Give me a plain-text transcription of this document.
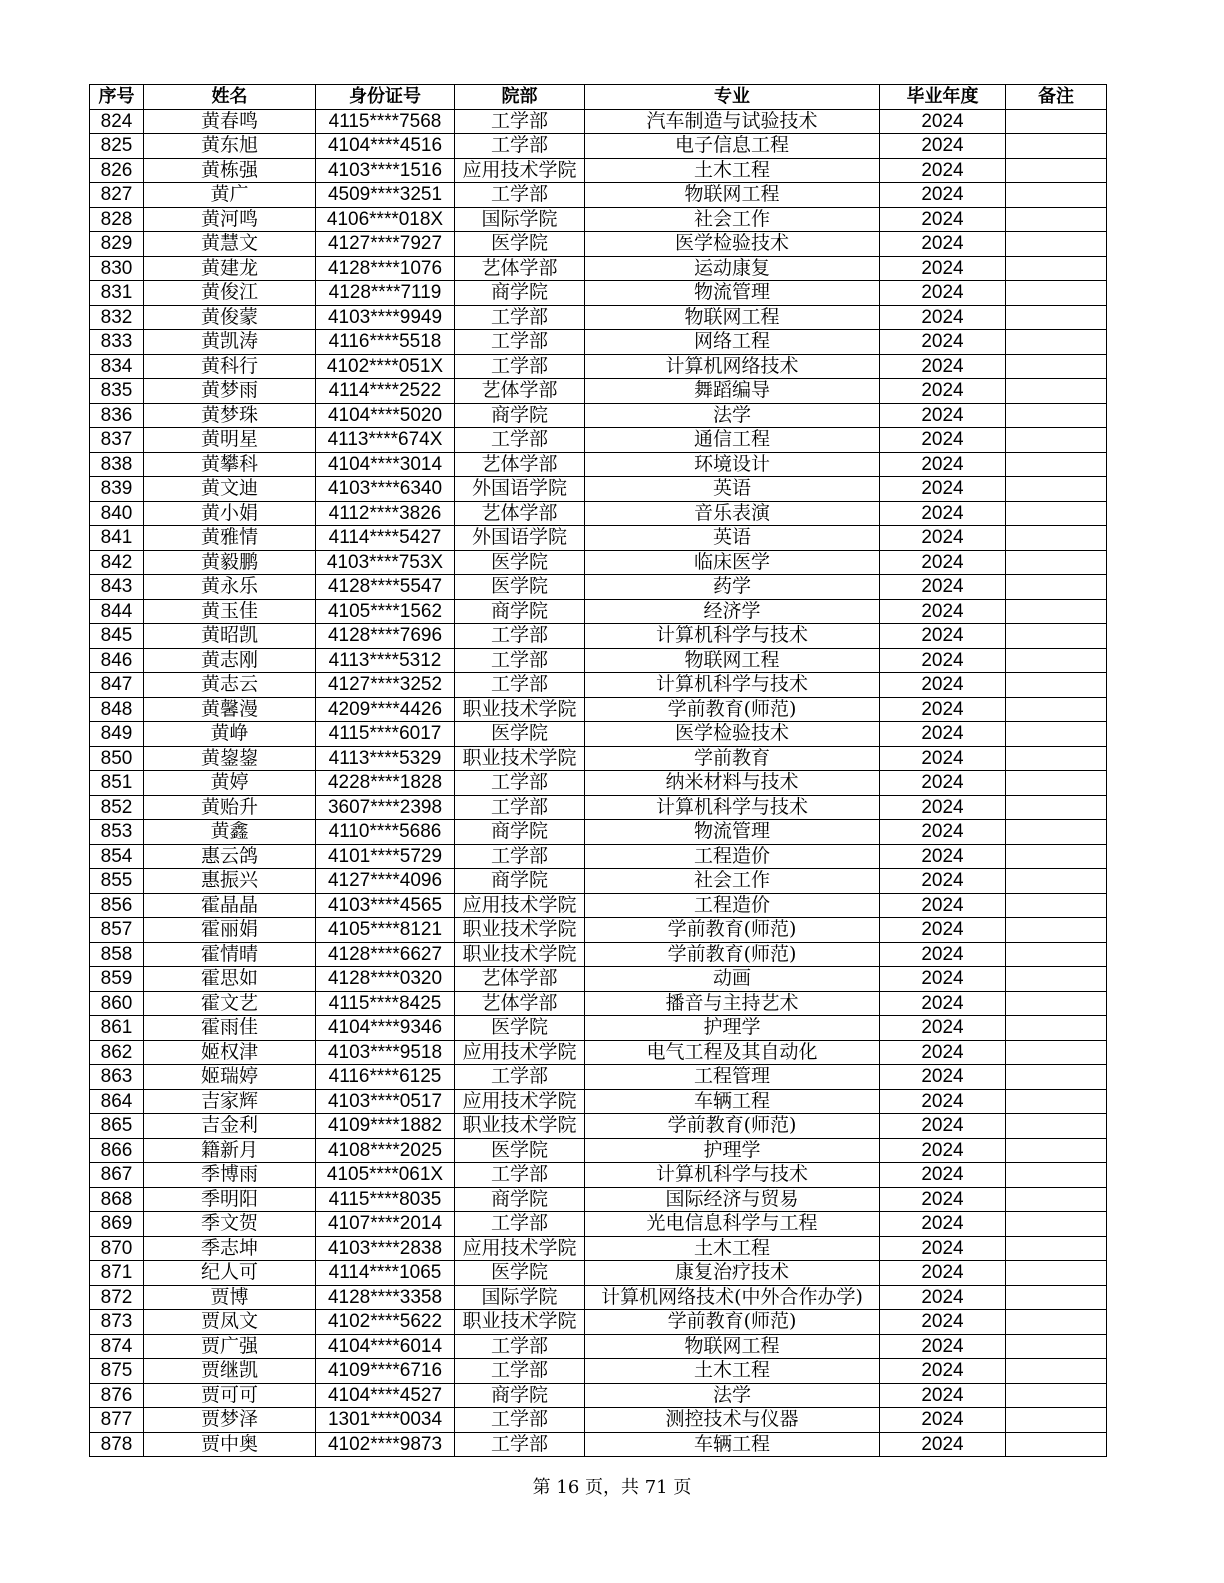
序号	姓名	身份证号	院部	专业	毕业年度	备注
824	黄春鸣	4115****7568	工学部	汽车制造与试验技术	2024	
825	黄东旭	4104****4516	工学部	电子信息工程	2024	
826	黄栋强	4103****1516	应用技术学院	土木工程	2024	
827	黄广	4509****3251	工学部	物联网工程	2024	
828	黄河鸣	4106****018X	国际学院	社会工作	2024	
829	黄慧文	4127****7927	医学院	医学检验技术	2024	
830	黄建龙	4128****1076	艺体学部	运动康复	2024	
831	黄俊江	4128****7119	商学院	物流管理	2024	
832	黄俊蒙	4103****9949	工学部	物联网工程	2024	
833	黄凯涛	4116****5518	工学部	网络工程	2024	
834	黄科行	4102****051X	工学部	计算机网络技术	2024	
835	黄梦雨	4114****2522	艺体学部	舞蹈编导	2024	
836	黄梦珠	4104****5020	商学院	法学	2024	
837	黄明星	4113****674X	工学部	通信工程	2024	
838	黄攀科	4104****3014	艺体学部	环境设计	2024	
839	黄文迪	4103****6340	外国语学院	英语	2024	
840	黄小娟	4112****3826	艺体学部	音乐表演	2024	
841	黄雅情	4114****5427	外国语学院	英语	2024	
842	黄毅鹏	4103****753X	医学院	临床医学	2024	
843	黄永乐	4128****5547	医学院	药学	2024	
844	黄玉佳	4105****1562	商学院	经济学	2024	
845	黄昭凯	4128****7696	工学部	计算机科学与技术	2024	
846	黄志刚	4113****5312	工学部	物联网工程	2024	
847	黄志云	4127****3252	工学部	计算机科学与技术	2024	
848	黄馨漫	4209****4426	职业技术学院	学前教育(师范)	2024	
849	黄峥	4115****6017	医学院	医学检验技术	2024	
850	黄鋆鋆	4113****5329	职业技术学院	学前教育	2024	
851	黄婷	4228****1828	工学部	纳米材料与技术	2024	
852	黄贻升	3607****2398	工学部	计算机科学与技术	2024	
853	黄鑫	4110****5686	商学院	物流管理	2024	
854	惠云鸽	4101****5729	工学部	工程造价	2024	
855	惠振兴	4127****4096	商学院	社会工作	2024	
856	霍晶晶	4103****4565	应用技术学院	工程造价	2024	
857	霍丽娟	4105****8121	职业技术学院	学前教育(师范)	2024	
858	霍情晴	4128****6627	职业技术学院	学前教育(师范)	2024	
859	霍思如	4128****0320	艺体学部	动画	2024	
860	霍文艺	4115****8425	艺体学部	播音与主持艺术	2024	
861	霍雨佳	4104****9346	医学院	护理学	2024	
862	姬权津	4103****9518	应用技术学院	电气工程及其自动化	2024	
863	姬瑞婷	4116****6125	工学部	工程管理	2024	
864	吉家辉	4103****0517	应用技术学院	车辆工程	2024	
865	吉金利	4109****1882	职业技术学院	学前教育(师范)	2024	
866	籍新月	4108****2025	医学院	护理学	2024	
867	季博雨	4105****061X	工学部	计算机科学与技术	2024	
868	季明阳	4115****8035	商学院	国际经济与贸易	2024	
869	季文贺	4107****2014	工学部	光电信息科学与工程	2024	
870	季志坤	4103****2838	应用技术学院	土木工程	2024	
871	纪人可	4114****1065	医学院	康复治疗技术	2024	
872	贾博	4128****3358	国际学院	计算机网络技术(中外合作办学)	2024	
873	贾凤文	4102****5622	职业技术学院	学前教育(师范)	2024	
874	贾广强	4104****6014	工学部	物联网工程	2024	
875	贾继凯	4109****6716	工学部	土木工程	2024	
876	贾可可	4104****4527	商学院	法学	2024	
877	贾梦泽	1301****0034	工学部	测控技术与仪器	2024	
878	贾中奥	4102****9873	工学部	车辆工程	2024	
第 16 页，共 71 页
